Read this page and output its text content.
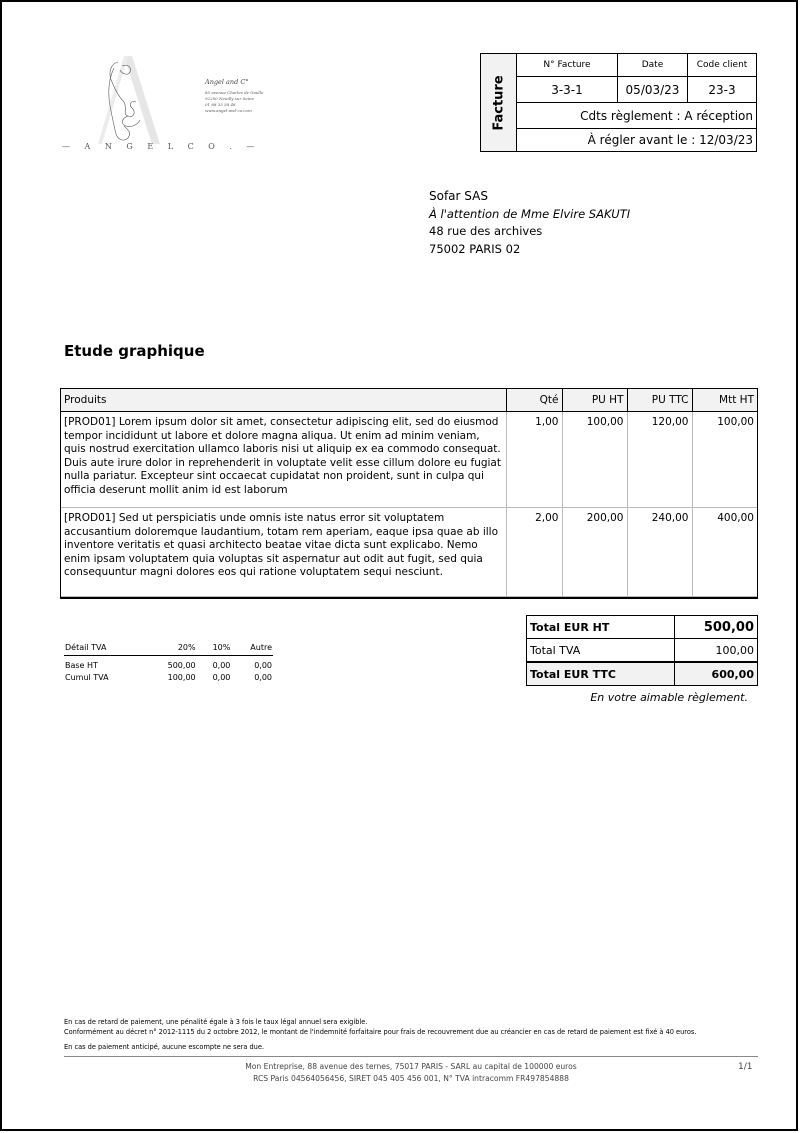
Angel and C°
85 avenue Charles de Gaulle
92200 Neuilly sur Seine
01 88 33 58 46
www.angel-and-co.com
— A N G E L C O . —
Facture
N° Facture	Date	Code client
3-3-1	05/03/23	23-3
Cdts règlement : A réception
À régler avant le : 12/03/23
Sofar SAS
À l'attention de Mme Elvire SAKUTI
48 rue des archives
75002 PARIS 02
Etude graphique
Produits	Qté	PU HT	PU TTC	Mtt HT
[PROD01] Lorem ipsum dolor sit amet, consectetur adipiscing elit, sed do eiusmod tempor incididunt ut labore et dolore magna aliqua. Ut enim ad minim veniam, quis nostrud exercitation ullamco laboris nisi ut aliquip ex ea commodo consequat. Duis aute irure dolor in reprehenderit in voluptate velit esse cillum dolore eu fugiat nulla pariatur. Excepteur sint occaecat cupidatat non proident, sunt in culpa qui officia deserunt mollit anim id est laborum	1,00	100,00	120,00	100,00
[PROD01] Sed ut perspiciatis unde omnis iste natus error sit voluptatem accusantium doloremque laudantium, totam rem aperiam, eaque ipsa quae ab illo inventore veritatis et quasi architecto beatae vitae dicta sunt explicabo. Nemo enim ipsam voluptatem quia voluptas sit aspernatur aut odit aut fugit, sed quia consequuntur magni dolores eos qui ratione voluptatem sequi nesciunt.	2,00	200,00	240,00	400,00
Détail TVA	20%	10%	Autre
Base HT	500,00	0,00	0,00
Cumul TVA	100,00	0,00	0,00
Total EUR HT	500,00
Total TVA	100,00
Total EUR TTC	600,00
En votre aimable règlement.
En cas de retard de paiement, une pénalité égale à 3 fois le taux légal annuel sera exigible.
Conformément au décret n° 2012-1115 du 2 octobre 2012, le montant de l'indemnité forfaitaire pour frais de recouvrement due au créancier en cas de retard de paiement est fixé à 40 euros.
En cas de paiement anticipé, aucune escompte ne sera due.
Mon Entreprise, 88 avenue des ternes, 75017 PARIS - SARL au capital de 100000 euros
RCS Paris 04564056456, SIRET 045 405 456 001, N° TVA intracomm FR497854888
1/1
